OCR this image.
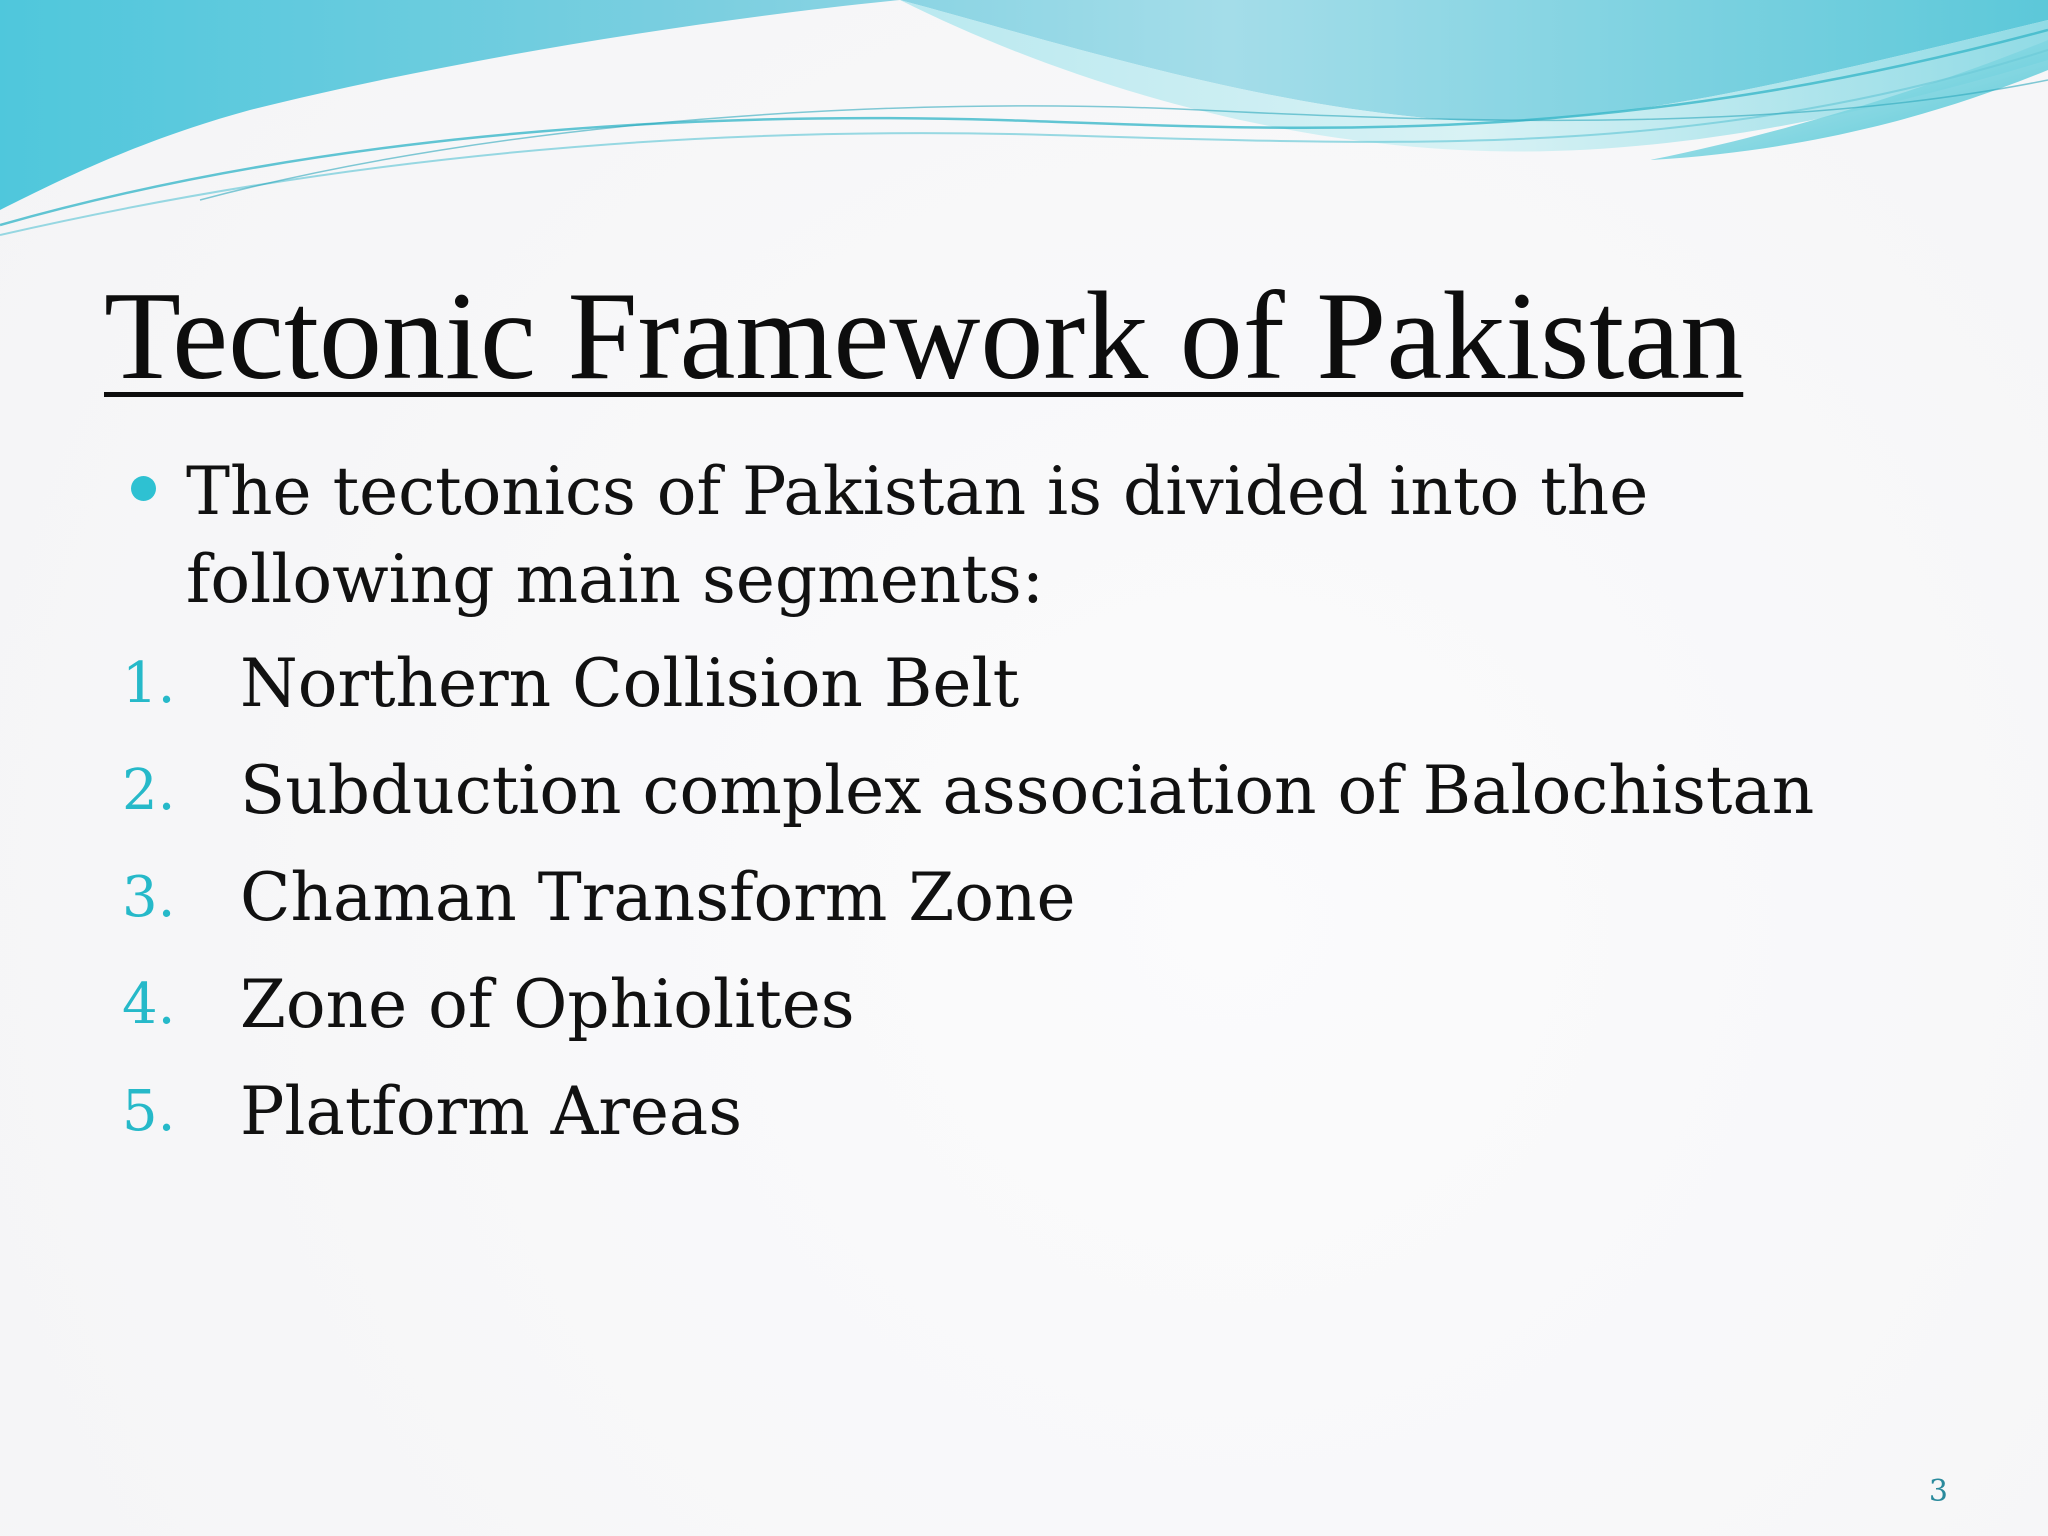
Tectonic Framework of Pakistan

The tectonics of Pakistan is divided into the following main segments:

1. Northern Collision Belt
2. Subduction complex association of Balochistan
3. Chaman Transform Zone
4. Zone of Ophiolites
5. Platform Areas
3
